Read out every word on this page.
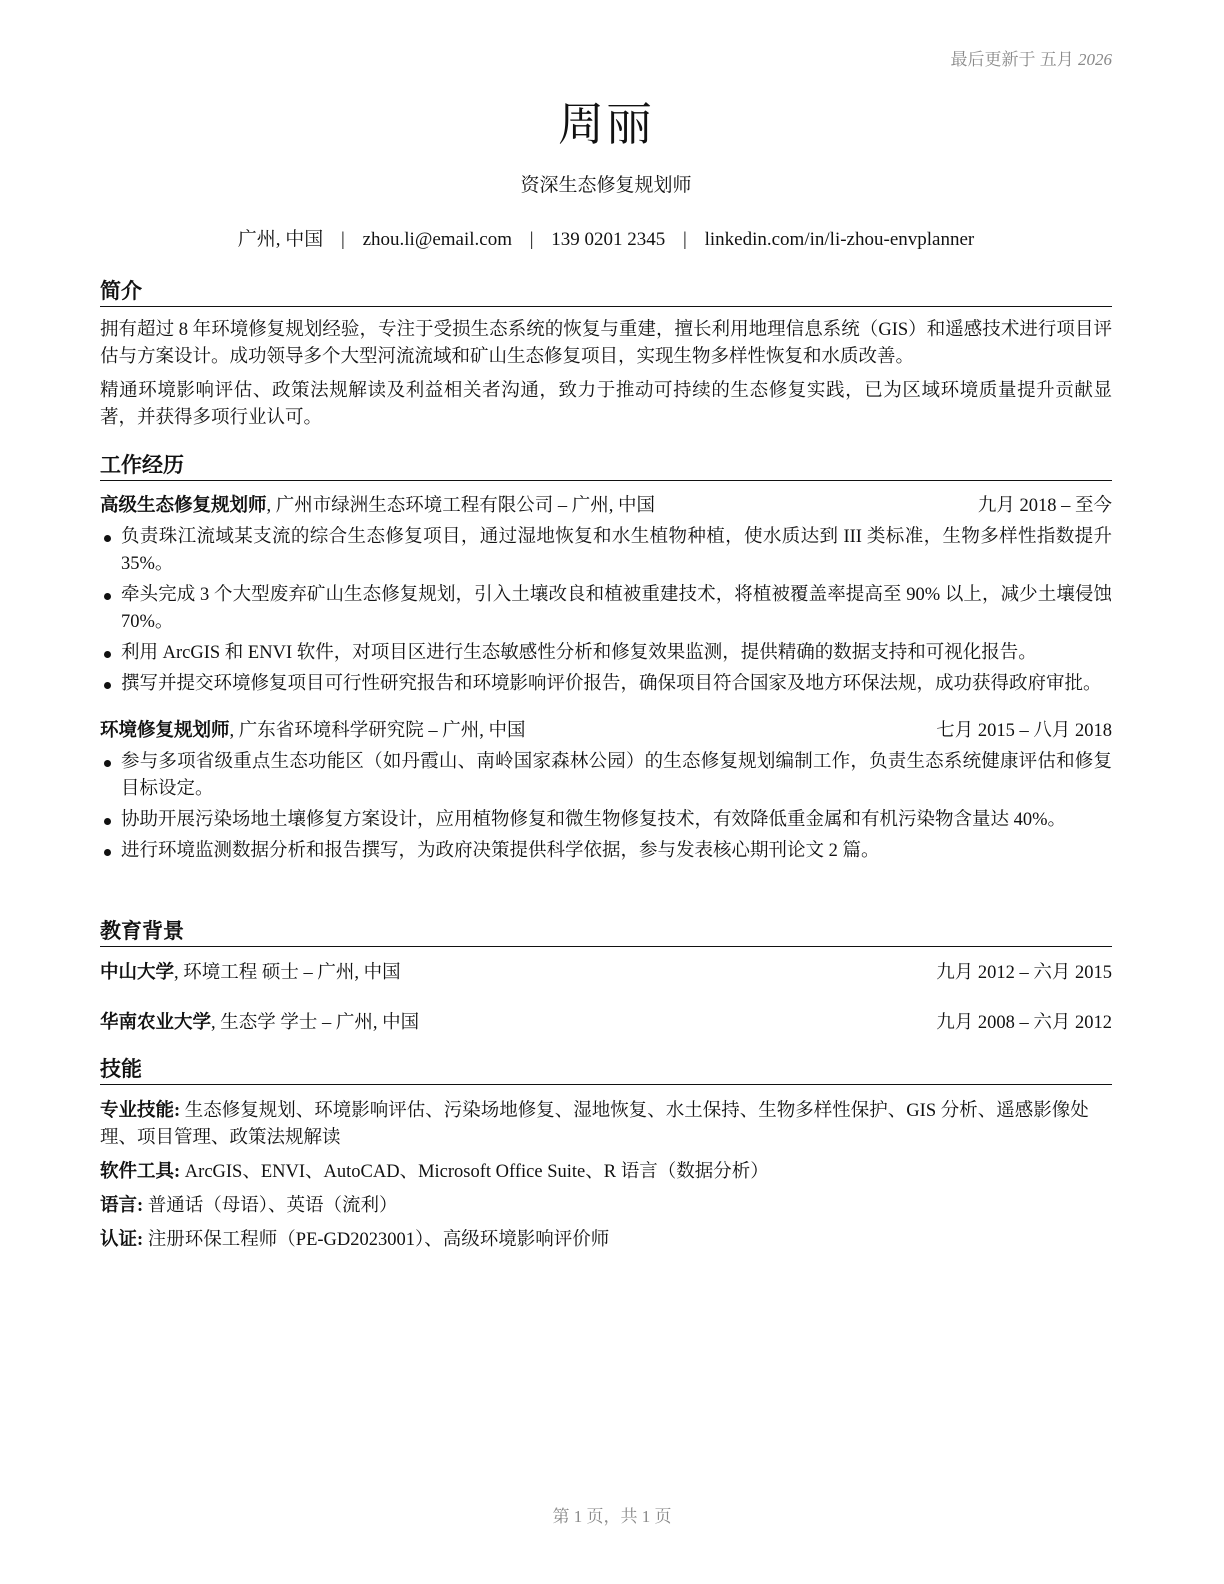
最后更新于 五月 2026
周丽
资深生态修复规划师
广州, 中国 | zhou.li@email.com | 139 0201 2345 | linkedin.com/in/li-zhou-envplanner
简介

拥有超过 8 年环境修复规划经验，专注于受损生态系统的恢复与重建，擅长利用地理信息系统（GIS）和遥感技术进行项目评估与方案设计。成功领导多个大型河流流域和矿山生态修复项目，实现生物多样性恢复和水质改善。

精通环境影响评估、政策法规解读及利益相关者沟通，致力于推动可持续的生态修复实践，已为区域环境质量提升贡献显著，并获得多项行业认可。

工作经历
高级生态修复规划师, 广州市绿洲生态环境工程有限公司 – 广州, 中国	九月 2018 – 至今
负责珠江流域某支流的综合生态修复项目，通过湿地恢复和水生植物种植，使水质达到 III 类标准，生物多样性指数提升 35%。
牵头完成 3 个大型废弃矿山生态修复规划，引入土壤改良和植被重建技术，将植被覆盖率提高至 90% 以上，减少土壤侵蚀 70%。
利用 ArcGIS 和 ENVI 软件，对项目区进行生态敏感性分析和修复效果监测，提供精确的数据支持和可视化报告。
撰写并提交环境修复项目可行性研究报告和环境影响评价报告，确保项目符合国家及地方环保法规，成功获得政府审批。
环境修复规划师, 广东省环境科学研究院 – 广州, 中国	七月 2015 – 八月 2018
参与多项省级重点生态功能区（如丹霞山、南岭国家森林公园）的生态修复规划编制工作，负责生态系统健康评估和修复目标设定。
协助开展污染场地土壤修复方案设计，应用植物修复和微生物修复技术，有效降低重金属和有机污染物含量达 40%。
进行环境监测数据分析和报告撰写，为政府决策提供科学依据，参与发表核心期刊论文 2 篇。
教育背景
中山大学, 环境工程 硕士 – 广州, 中国	九月 2012 – 六月 2015
华南农业大学, 生态学 学士 – 广州, 中国	九月 2008 – 六月 2012
技能
专业技能: 生态修复规划、环境影响评估、污染场地修复、湿地恢复、水土保持、生物多样性保护、GIS 分析、遥感影像处理、项目管理、政策法规解读
软件工具: ArcGIS、ENVI、AutoCAD、Microsoft Office Suite、R 语言（数据分析）
语言: 普通话（母语）、英语（流利）
认证: 注册环保工程师（PE-GD2023001）、高级环境影响评价师
第 1 页，共 1 页
